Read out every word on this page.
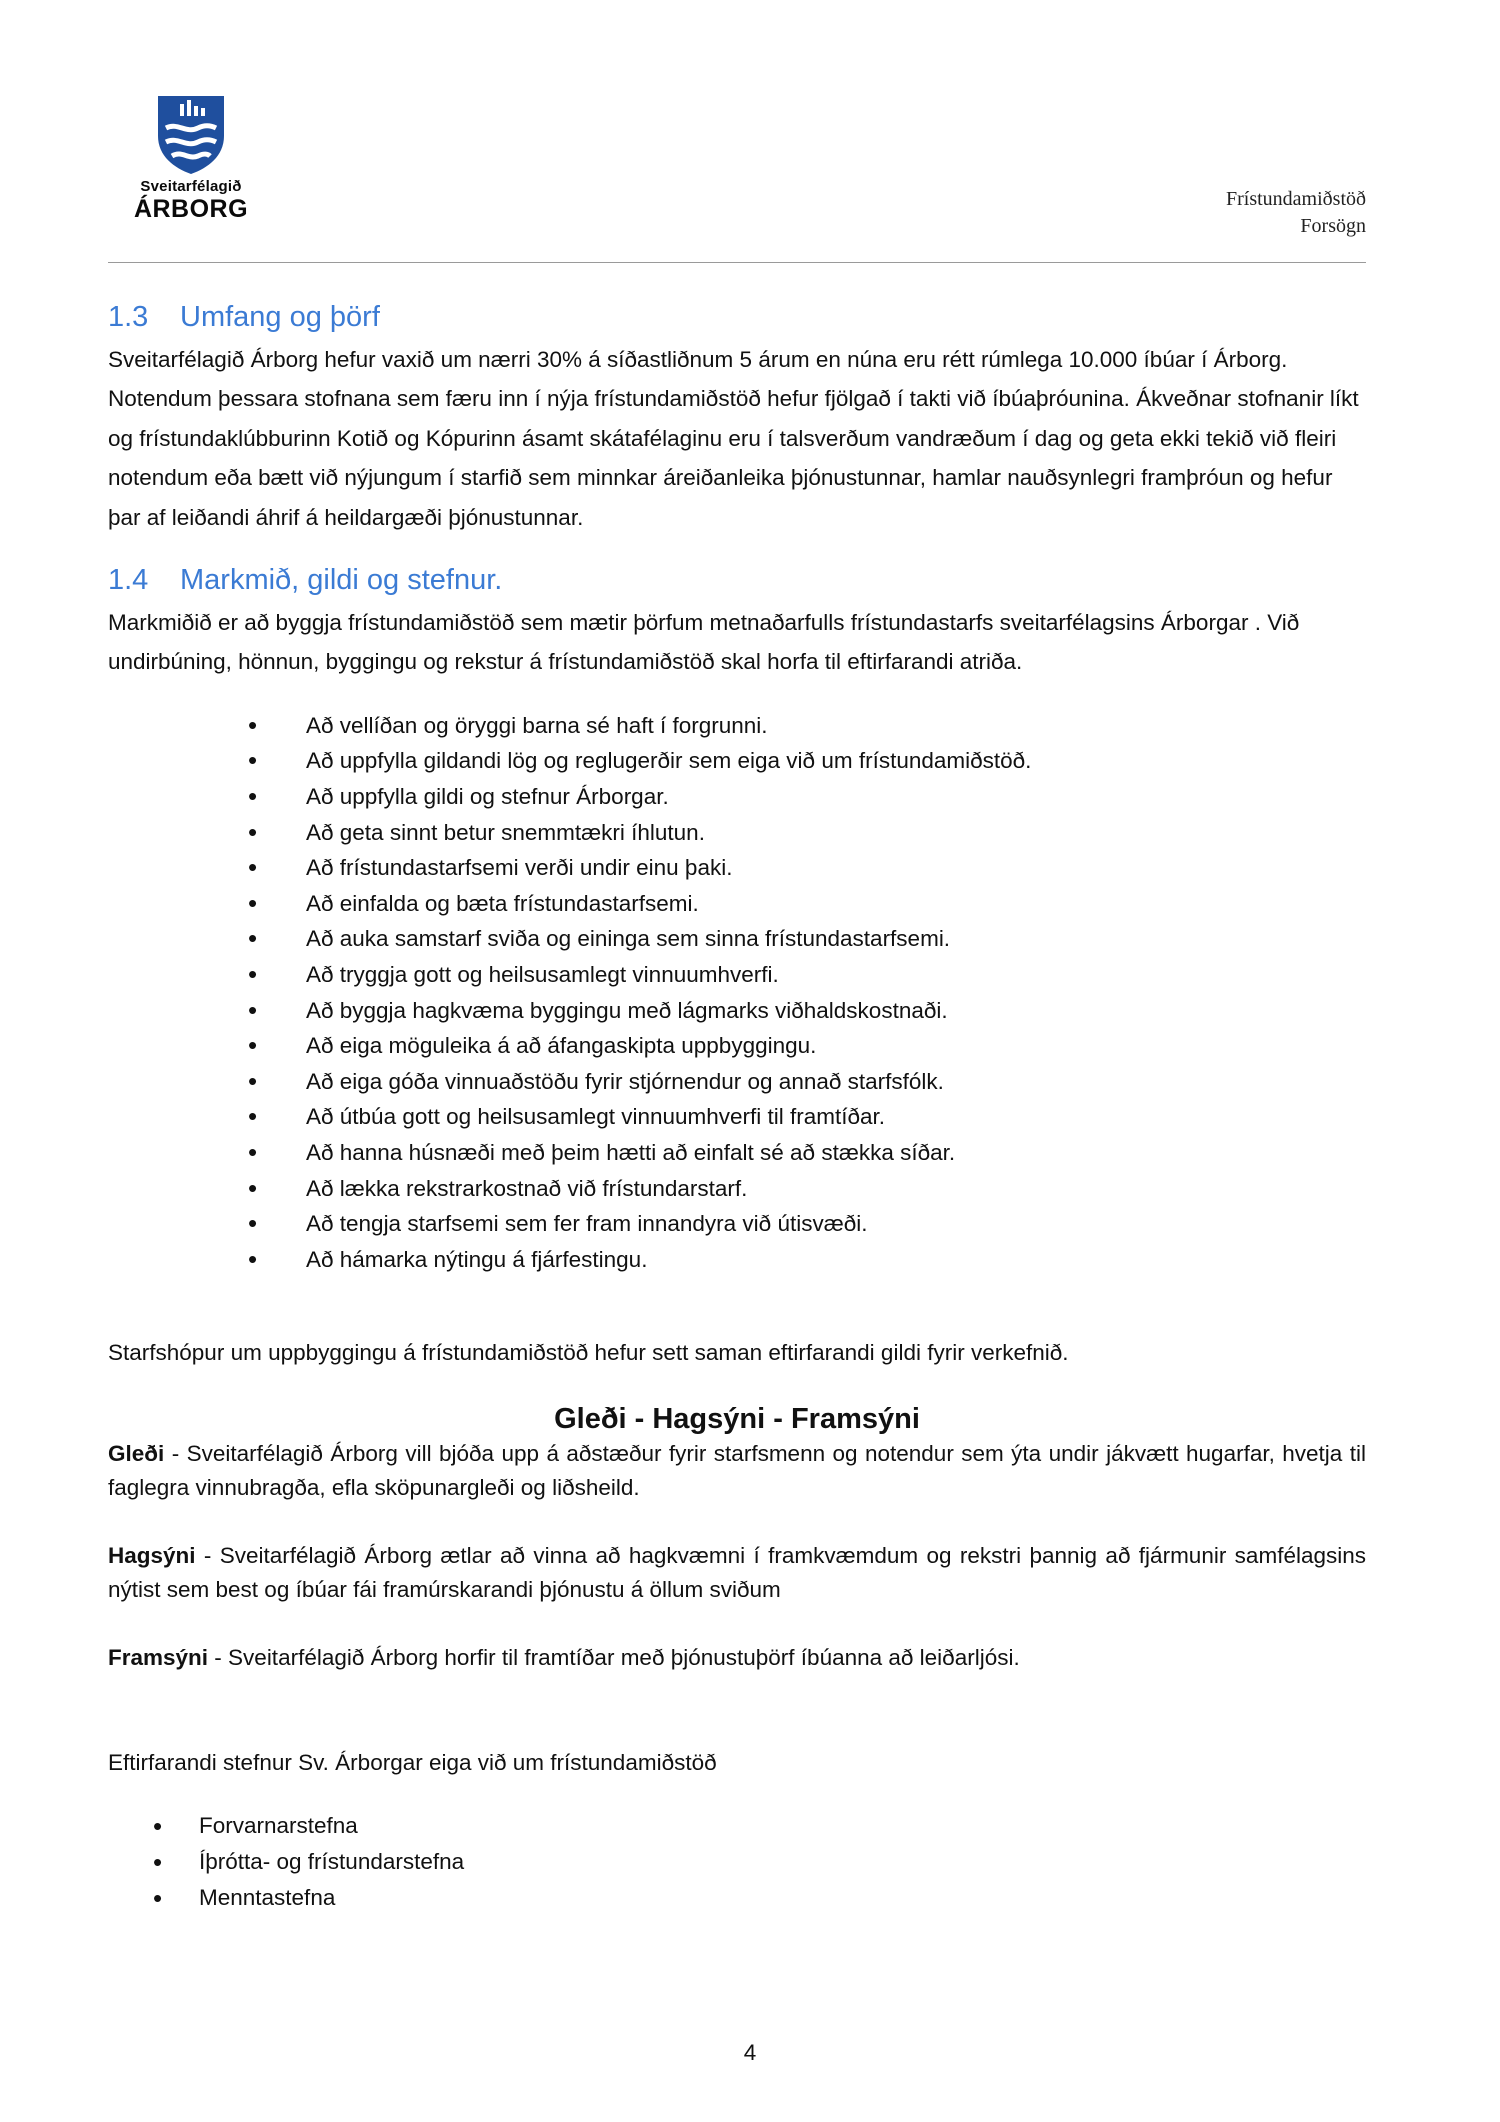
Sveitarfélagið
ÁRBORG	Frístundamiðstöð
Forsögn
1.3 Umfang og þörf

Sveitarfélagið Árborg hefur vaxið um nærri 30% á síðastliðnum 5 árum en núna eru rétt rúmlega 10.000 íbúar í Árborg. Notendum þessara stofnana sem færu inn í nýja frístundamiðstöð hefur fjölgað í takti við íbúaþróunina. Ákveðnar stofnanir líkt og frístundaklúbburinn Kotið og Kópurinn ásamt skátafélaginu eru í talsverðum vandræðum í dag og geta ekki tekið við fleiri notendum eða bætt við nýjungum í starfið sem minnkar áreiðanleika þjónustunnar, hamlar nauðsynlegri framþróun og hefur þar af leiðandi áhrif á heildargæði þjónustunnar.

1.4 Markmið, gildi og stefnur.

Markmiðið er að byggja frístundamiðstöð sem mætir þörfum metnaðarfulls frístundastarfs sveitarfélagsins Árborgar . Við undirbúning, hönnun, byggingu og rekstur á frístundamiðstöð skal horfa til eftirfarandi atriða.

• Að vellíðan og öryggi barna sé haft í forgrunni.
• Að uppfylla gildandi lög og reglugerðir sem eiga við um frístundamiðstöð.
• Að uppfylla gildi og stefnur Árborgar.
• Að geta sinnt betur snemmtækri íhlutun.
• Að frístundastarfsemi verði undir einu þaki.
• Að einfalda og bæta frístundastarfsemi.
• Að auka samstarf sviða og eininga sem sinna frístundastarfsemi.
• Að tryggja gott og heilsusamlegt vinnuumhverfi.
• Að byggja hagkvæma byggingu með lágmarks viðhaldskostnaði.
• Að eiga möguleika á að áfangaskipta uppbyggingu.
• Að eiga góða vinnuaðstöðu fyrir stjórnendur og annað starfsfólk.
• Að útbúa gott og heilsusamlegt vinnuumhverfi til framtíðar.
• Að hanna húsnæði með þeim hætti að einfalt sé að stækka síðar.
• Að lækka rekstrarkostnað við frístundarstarf.
• Að tengja starfsemi sem fer fram innandyra við útisvæði.
• Að hámarka nýtingu á fjárfestingu.

Starfshópur um uppbyggingu á frístundamiðstöð hefur sett saman eftirfarandi gildi fyrir verkefnið.

Gleði - Hagsýni - Framsýni

Gleði - Sveitarfélagið Árborg vill bjóða upp á aðstæður fyrir starfsmenn og notendur sem ýta undir jákvætt hugarfar, hvetja til faglegra vinnubragða, efla sköpunargleði og liðsheild.

Hagsýni - Sveitarfélagið Árborg ætlar að vinna að hagkvæmni í framkvæmdum og rekstri þannig að fjármunir samfélagsins nýtist sem best og íbúar fái framúrskarandi þjónustu á öllum sviðum

Framsýni - Sveitarfélagið Árborg horfir til framtíðar með þjónustuþörf íbúanna að leiðarljósi.

Eftirfarandi stefnur Sv. Árborgar eiga við um frístundamiðstöð

• Forvarnarstefna
• Íþrótta- og frístundarstefna
• Menntastefna
4
